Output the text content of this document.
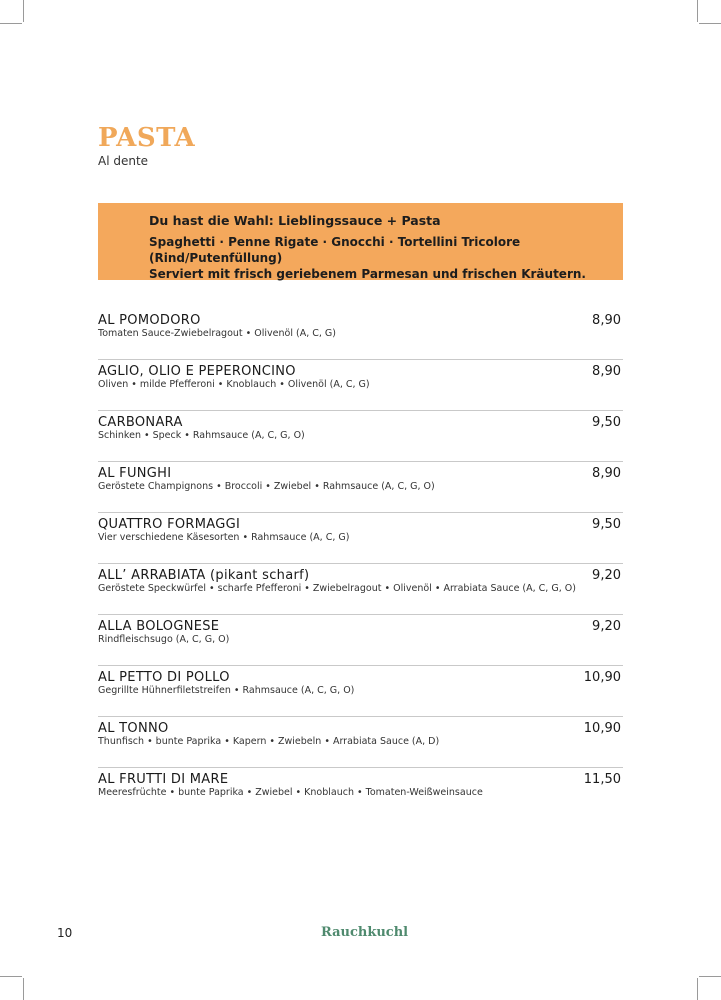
PASTA
Al dente
Du hast die Wahl: Lieblingssauce + Pasta
Spaghetti · Penne Rigate · Gnocchi · Tortellini Tricolore (Rind/Putenfüllung)
Serviert mit frisch geriebenem Parmesan und frischen Kräutern.
AL POMODORO	8,90
Tomaten Sauce-Zwiebelragout • Olivenöl (A, C, G)
AGLIO, OLIO E PEPERONCINO	8,90
Oliven • milde Pfefferoni • Knoblauch • Olivenöl (A, C, G)
CARBONARA	9,50
Schinken • Speck • Rahmsauce (A, C, G, O)
AL FUNGHI	8,90
Geröstete Champignons • Broccoli • Zwiebel • Rahmsauce (A, C, G, O)
QUATTRO FORMAGGI	9,50
Vier verschiedene Käsesorten • Rahmsauce (A, C, G)
ALL’ ARRABIATA (pikant scharf)	9,20
Geröstete Speckwürfel • scharfe Pfefferoni • Zwiebelragout • Olivenöl • Arrabiata Sauce (A, C, G, O)
ALLA BOLOGNESE	9,20
Rindfleischsugo (A, C, G, O)
AL PETTO DI POLLO	10,90
Gegrillte Hühnerfiletstreifen • Rahmsauce (A, C, G, O)
AL TONNO	10,90
Thunfisch • bunte Paprika • Kapern • Zwiebeln • Arrabiata Sauce (A, D)
AL FRUTTI DI MARE	11,50
Meeresfrüchte • bunte Paprika • Zwiebel • Knoblauch • Tomaten-Weißweinsauce
10	Rauchkuchl
